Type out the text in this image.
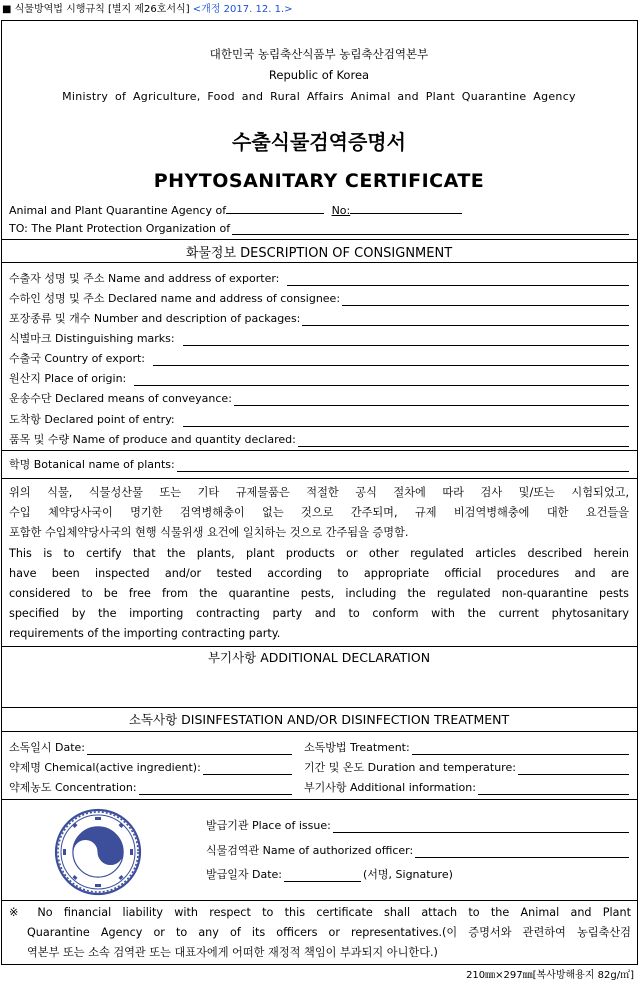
■ 식물방역법 시행규칙 [별지 제26호서식] <개정 2017. 12. 1.>
대한민국 농림축산식품부 농림축산검역본부
Republic of Korea
Ministry of Agriculture, Food and Rural Affairs Animal and Plant Quarantine Agency
수출식물검역증명서
PHYTOSANITARY CERTIFICATE
Animal and Plant Quarantine Agency of	No:
TO: The Plant Protection Organization of
화물정보 DESCRIPTION OF CONSIGNMENT
수출자 성명 및 주소 Name and address of exporter:
수하인 성명 및 주소 Declared name and address of consignee:
포장종류 및 개수 Number and description of packages:
식별마크 Distinguishing marks:
수출국 Country of export:
원산지 Place of origin:
운송수단 Declared means of conveyance:
도착항 Declared point of entry:
품목 및 수량 Name of produce and quantity declared:
학명 Botanical name of plants:
위의 식물, 식물성산물 또는 기타 규제물품은 적절한 공식 절차에 따라 검사 및/또는 시험되었고,
수입 체약당사국이 명기한 검역병해충이 없는 것으로 간주되며, 규제 비검역병해충에 대한 요건들을
포함한 수입체약당사국의 현행 식물위생 요건에 일치하는 것으로 간주됨을 증명함.
This is to certify that the plants, plant products or other regulated articles described herein
have been inspected and/or tested according to appropriate official procedures and are
considered to be free from the quarantine pests, including the regulated non-quarantine pests
specified by the importing contracting party and to conform with the current phytosanitary
requirements of the importing contracting party.
부기사항 ADDITIONAL DECLARATION
소독사항 DISINFESTATION AND/OR DISINFECTION TREATMENT
소독일시 Date:	소독방법 Treatment:
약제명 Chemical(active ingredient):	기간 및 온도 Duration and temperature:
약제농도 Concentration:	부기사항 Additional information:
발급기관 Place of issue:
식물검역관 Name of authorized officer:
발급일자 Date:	(서명, Signature)
※ No financial liability with respect to this certificate shall attach to the Animal and Plant
Quarantine Agency or to any of its officers or representatives.(이 증명서와 관련하여 농림축산검
역본부 또는 소속 검역관 또는 대표자에게 어떠한 재정적 책임이 부과되지 아니한다.)
210㎜×297㎜[복사방해용지 82g/㎡]
